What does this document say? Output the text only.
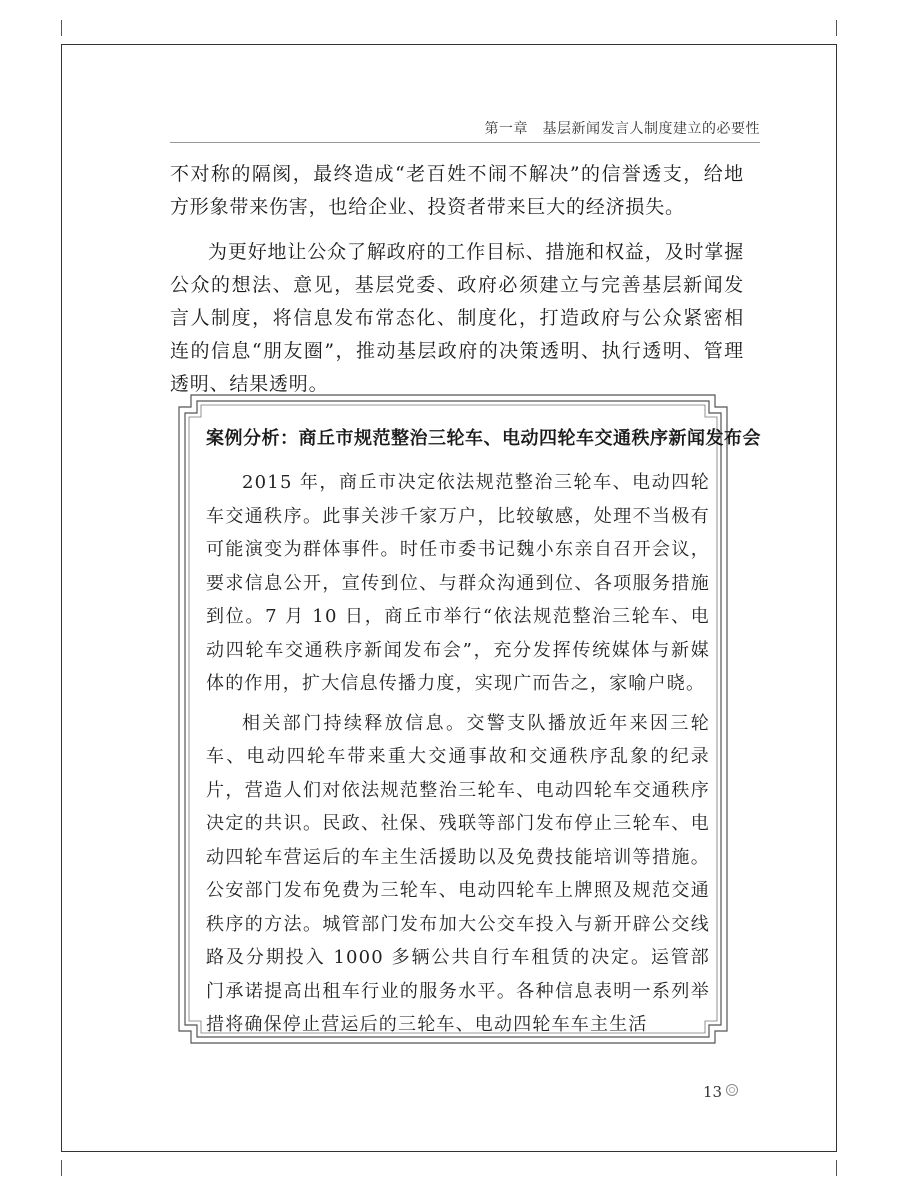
第一章　基层新闻发言人制度建立的必要性

不对称的隔阂，最终造成“老百姓不闹不解决”的信誉透支，给地方形象带来伤害，也给企业、投资者带来巨大的经济损失。

为更好地让公众了解政府的工作目标、措施和权益，及时掌握公众的想法、意见，基层党委、政府必须建立与完善基层新闻发言人制度，将信息发布常态化、制度化，打造政府与公众紧密相连的信息“朋友圈”，推动基层政府的决策透明、执行透明、管理透明、结果透明。

案例分析：商丘市规范整治三轮车、电动四轮车交通秩序新闻发布会

2015 年，商丘市决定依法规范整治三轮车、电动四轮车交通秩序。此事关涉千家万户，比较敏感，处理不当极有可能演变为群体事件。时任市委书记魏小东亲自召开会议，要求信息公开，宣传到位、与群众沟通到位、各项服务措施到位。7 月 10 日，商丘市举行“依法规范整治三轮车、电动四轮车交通秩序新闻发布会”，充分发挥传统媒体与新媒体的作用，扩大信息传播力度，实现广而告之，家喻户晓。

相关部门持续释放信息。交警支队播放近年来因三轮车、电动四轮车带来重大交通事故和交通秩序乱象的纪录片，营造人们对依法规范整治三轮车、电动四轮车交通秩序决定的共识。民政、社保、残联等部门发布停止三轮车、电动四轮车营运后的车主生活援助以及免费技能培训等措施。公安部门发布免费为三轮车、电动四轮车上牌照及规范交通秩序的方法。城管部门发布加大公交车投入与新开辟公交线路及分期投入 1000 多辆公共自行车租赁的决定。运管部门承诺提高出租车行业的服务水平。各种信息表明一系列举措将确保停止营运后的三轮车、电动四轮车车主生活

13
